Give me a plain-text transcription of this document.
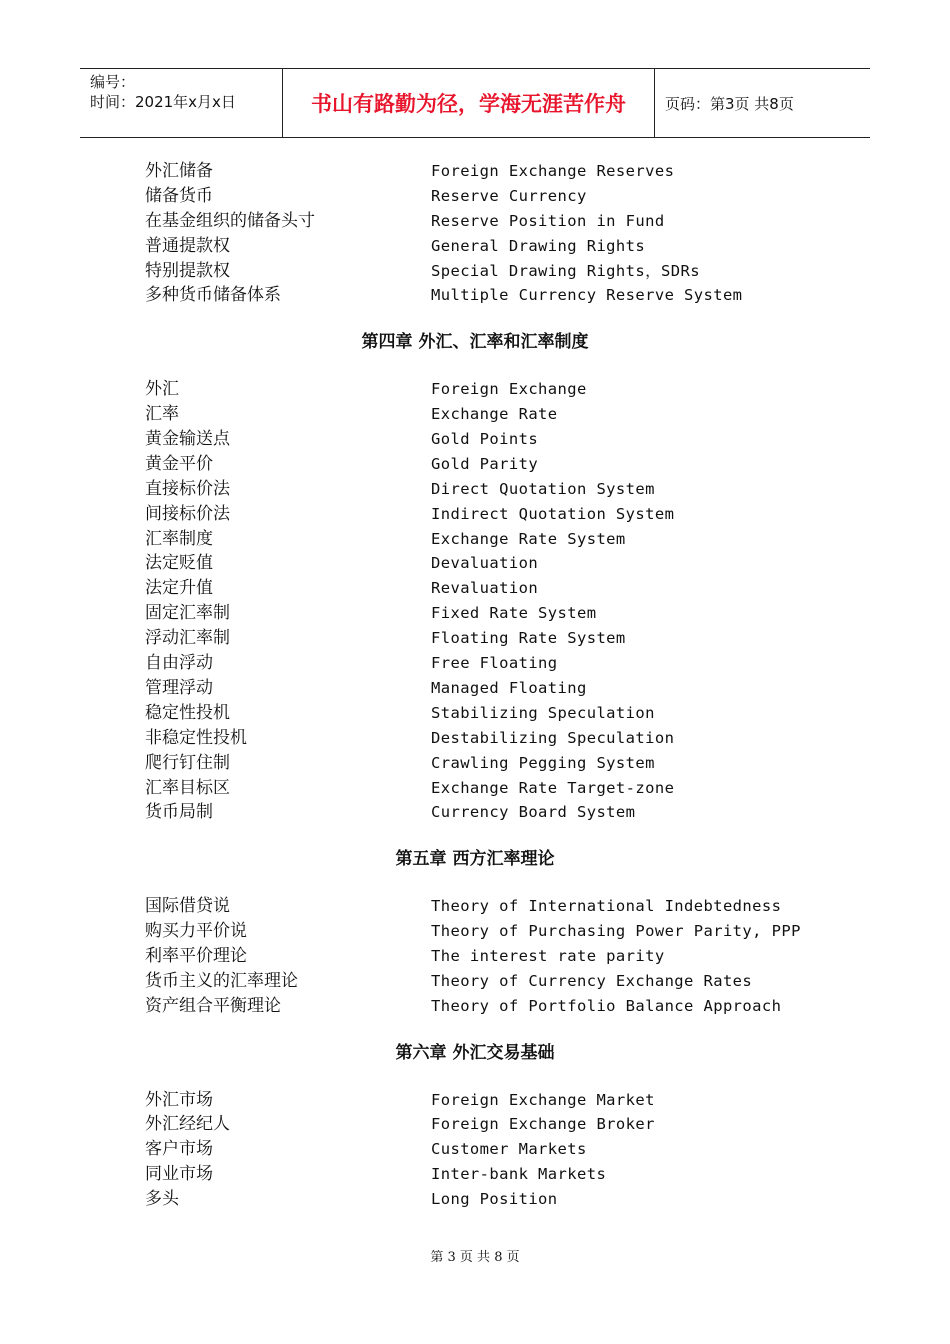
编号：
时间：2021年x月x日	书山有路勤为径，学海无涯苦作舟	页码：第3页 共8页
外汇储备	Foreign Exchange Reserves
储备货币	Reserve Currency
在基金组织的储备头寸	Reserve Position in Fund
普通提款权	General Drawing Rights
特别提款权	Special Drawing Rights，SDRs
多种货币储备体系	Multiple Currency Reserve System
第四章 外汇、汇率和汇率制度
外汇	Foreign Exchange
汇率	Exchange Rate
黄金输送点	Gold Points
黄金平价	Gold Parity
直接标价法	Direct Quotation System
间接标价法	Indirect Quotation System
汇率制度	Exchange Rate System
法定贬值	Devaluation
法定升值	Revaluation
固定汇率制	Fixed Rate System
浮动汇率制	Floating Rate System
自由浮动	Free Floating
管理浮动	Managed Floating
稳定性投机	Stabilizing Speculation
非稳定性投机	Destabilizing Speculation
爬行钉住制	Crawling Pegging System
汇率目标区	Exchange Rate Target-zone
货币局制	Currency Board System
第五章 西方汇率理论
国际借贷说	Theory of International Indebtedness
购买力平价说	Theory of Purchasing Power Parity, PPP
利率平价理论	The interest rate parity
货币主义的汇率理论	Theory of Currency Exchange Rates
资产组合平衡理论	Theory of Portfolio Balance Approach
第六章 外汇交易基础
外汇市场	Foreign Exchange Market
外汇经纪人	Foreign Exchange Broker
客户市场	Customer Markets
同业市场	Inter-bank Markets
多头	Long Position
第 3 页 共 8 页
